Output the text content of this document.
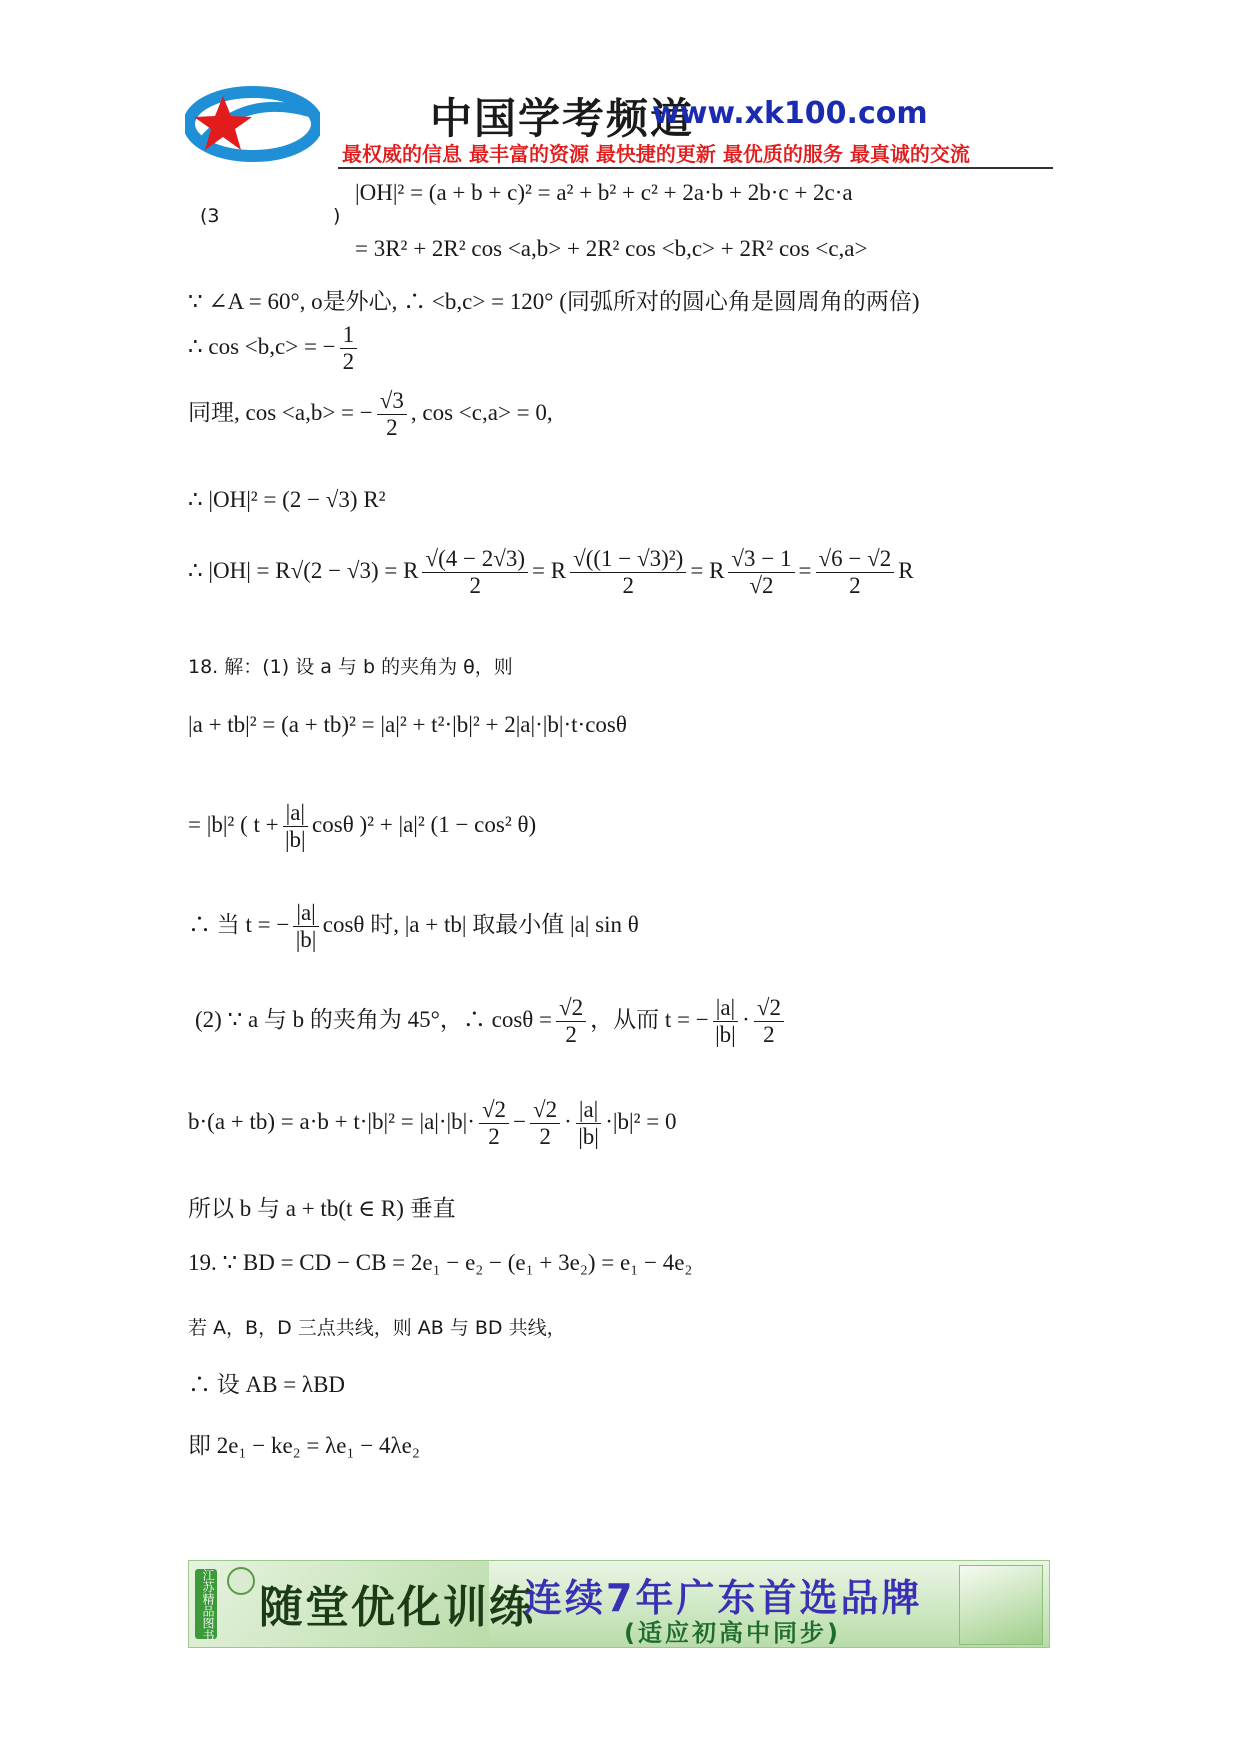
中国学考频道
www.xk100.com
最权威的信息 最丰富的资源 最快捷的更新 最优质的服务 最真诚的交流
(3	)
|OH|² = (a + b + c)² = a² + b² + c² + 2a·b + 2b·c + 2c·a
= 3R² + 2R² cos <a,b> + 2R² cos <b,c> + 2R² cos <c,a>
∵ ∠A = 60°, o是外心, ∴ <b,c> = 120° (同弧所对的圆心角是圆周角的两倍)
∴ cos <b,c> = − $\frac{1}{2}$
同理, cos <a,b> = − $\frac{√3}{2}$ , cos <c,a> = 0,
∴ |OH|² = (2 − √3) R²
∴ |OH| = R√(2 − √3) = R $\frac{√(4 - 2√3)}{2} = R \frac{\text{√((1 − √3)²)}}{2} = R \frac{√3 - 1}{√2} = \frac{√6 - √2}{2}$ R
18. 解：(1) 设 a 与 b 的夹角为 θ，则
|a + tb|² = (a + tb)² = |a|² + t²·|b|² + 2|a|·|b|·t·cosθ
= |b|² ( $t + \frac{|a|}{|b|}$ cosθ )² + |a|² (1 − cos² θ)
∴ 当 t = − $\frac{|a|}{|b|}$ cosθ 时, |a + tb| 取最小值 |a| sin θ
(2) ∵ a 与 b 的夹角为 45°，∴ $\cos\theta = \frac{√2}{2}$ ，从而 t = − $\frac{|a|}{|b|} \cdot \frac{√2}{2}$
$b\cdot(a + tb) = a\cdot b + t\cdot|b|^2 = |a|\cdot|b|\cdot \frac{√2}{2} - \frac{√2}{2} \cdot \frac{|a|}{|b|} \cdot|b|^2 = 0$
所以 b 与 a + tb(t ∈ R) 垂直
19. ∵ BD = CD − CB = 2e₁ − e₂ − (e₁ + 3e₂) = e₁ − 4e₂
若 A，B，D 三点共线，则 AB 与 BD 共线，
∴ 设 AB = λBD
即 2e₁ − ke₂ = λe₁ − 4λe₂
江苏精品图书 随堂优化训练
连续7年广东首选品牌
(适应初高中同步)
